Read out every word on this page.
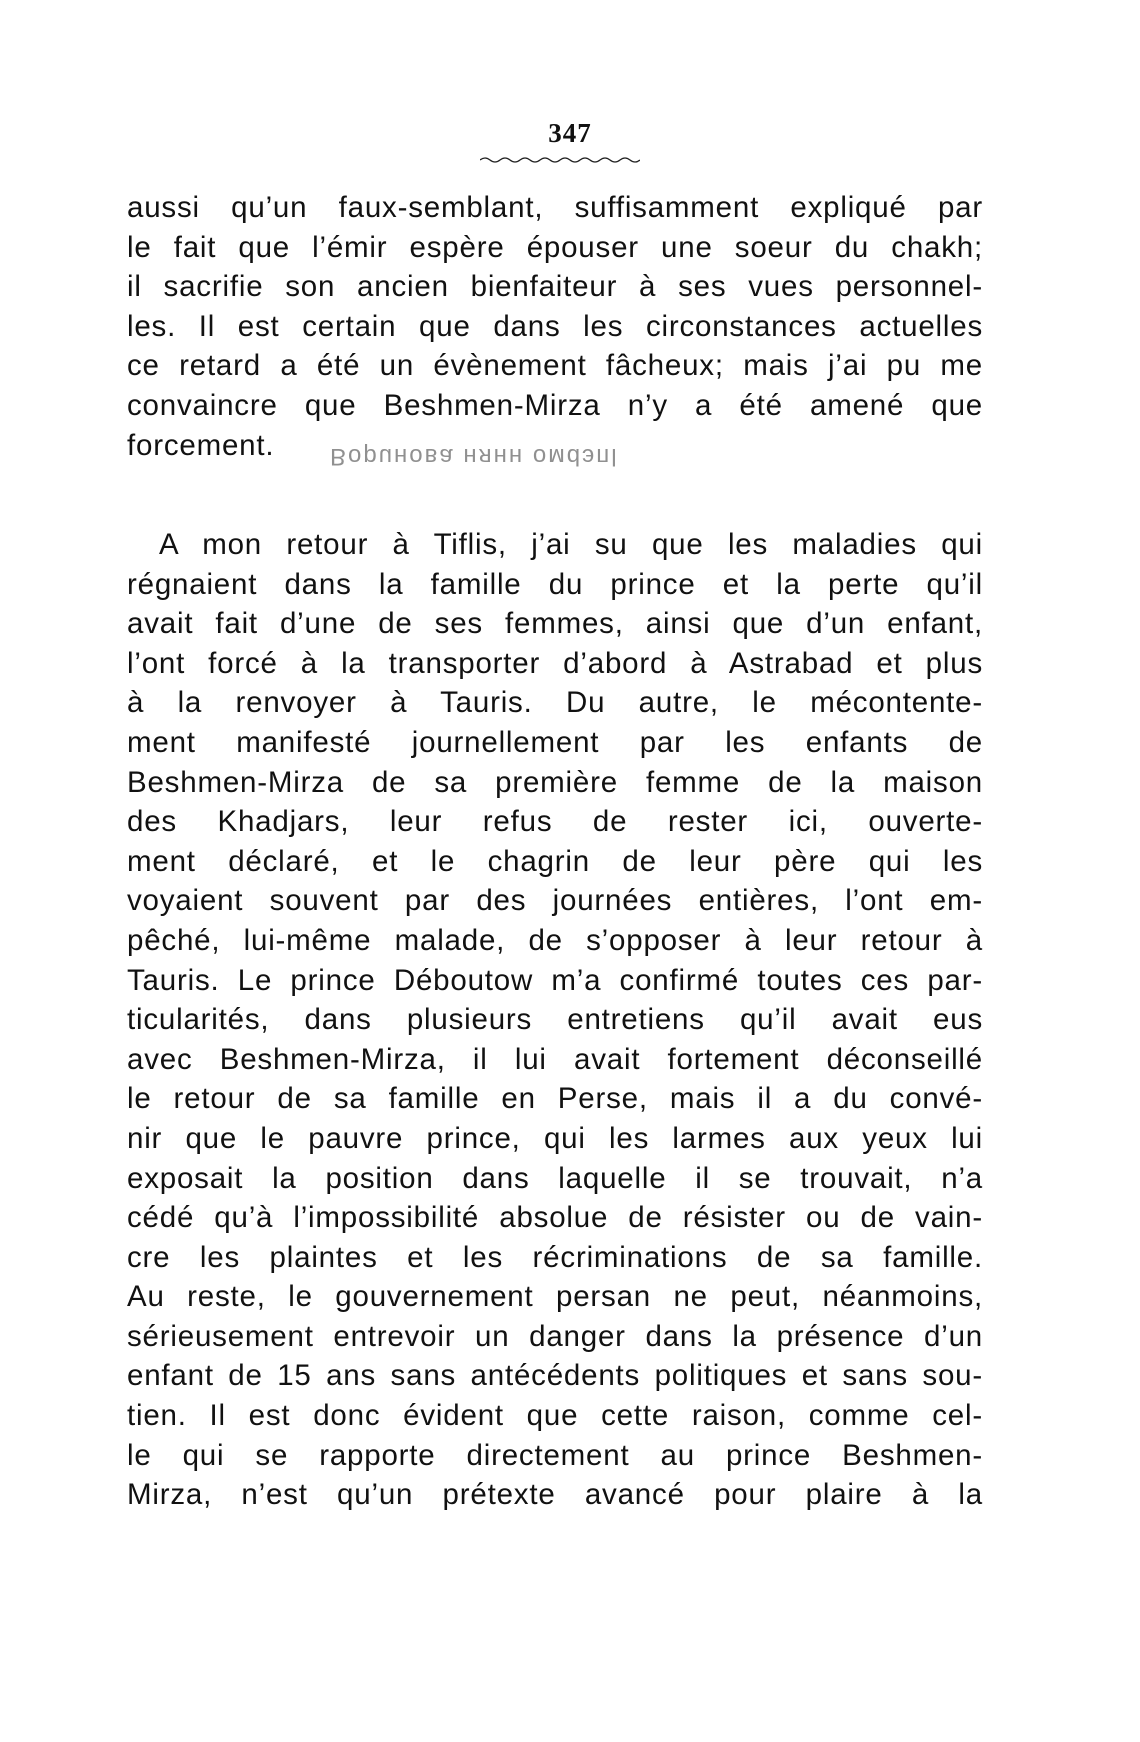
347
aussi qu’un faux-semblant, suffisamment expliqué par
le fait que l’émir espère épouser une soeur du chakh;
il sacrifie son ancien bienfaiteur à ses vues personnel-
les. Il est certain que dans les circonstances actuelles
ce retard a été un évènement fâcheux; mais j’ai pu me
convaincre que Beshmen-Mirza n’y a été amené que
forcement.	Bopuнoвa нянн oмdэпl
A mon retour à Tiflis, j’ai su que les maladies qui
régnaient dans la famille du prince et la perte qu’il
avait fait d’une de ses femmes, ainsi que d’un enfant,
l’ont forcé à la transporter d’abord à Astrabad et plus
à la renvoyer à Tauris. Du autre, le mécontente-
ment manifesté journellement par les enfants de
Beshmen-Mirza de sa première femme de la maison
des Khadjars, leur refus de rester ici, ouverte-
ment déclaré, et le chagrin de leur père qui les
voyaient souvent par des journées entières, l’ont em-
pêché, lui-même malade, de s’opposer à leur retour à
Tauris. Le prince Déboutow m’a confirmé toutes ces par-
ticularités, dans plusieurs entretiens qu’il avait eus
avec Beshmen-Mirza, il lui avait fortement déconseillé
le retour de sa famille en Perse, mais il a du convé-
nir que le pauvre prince, qui les larmes aux yeux lui
exposait la position dans laquelle il se trouvait, n’a
cédé qu’à l’impossibilité absolue de résister ou de vain-
cre les plaintes et les récriminations de sa famille.
Au reste, le gouvernement persan ne peut, néanmoins,
sérieusement entrevoir un danger dans la présence d’un
enfant de 15 ans sans antécédents politiques et sans sou-
tien. Il est donc évident que cette raison, comme cel-
le qui se rapporte directement au prince Beshmen-
Mirza, n’est qu’un prétexte avancé pour plaire à la
